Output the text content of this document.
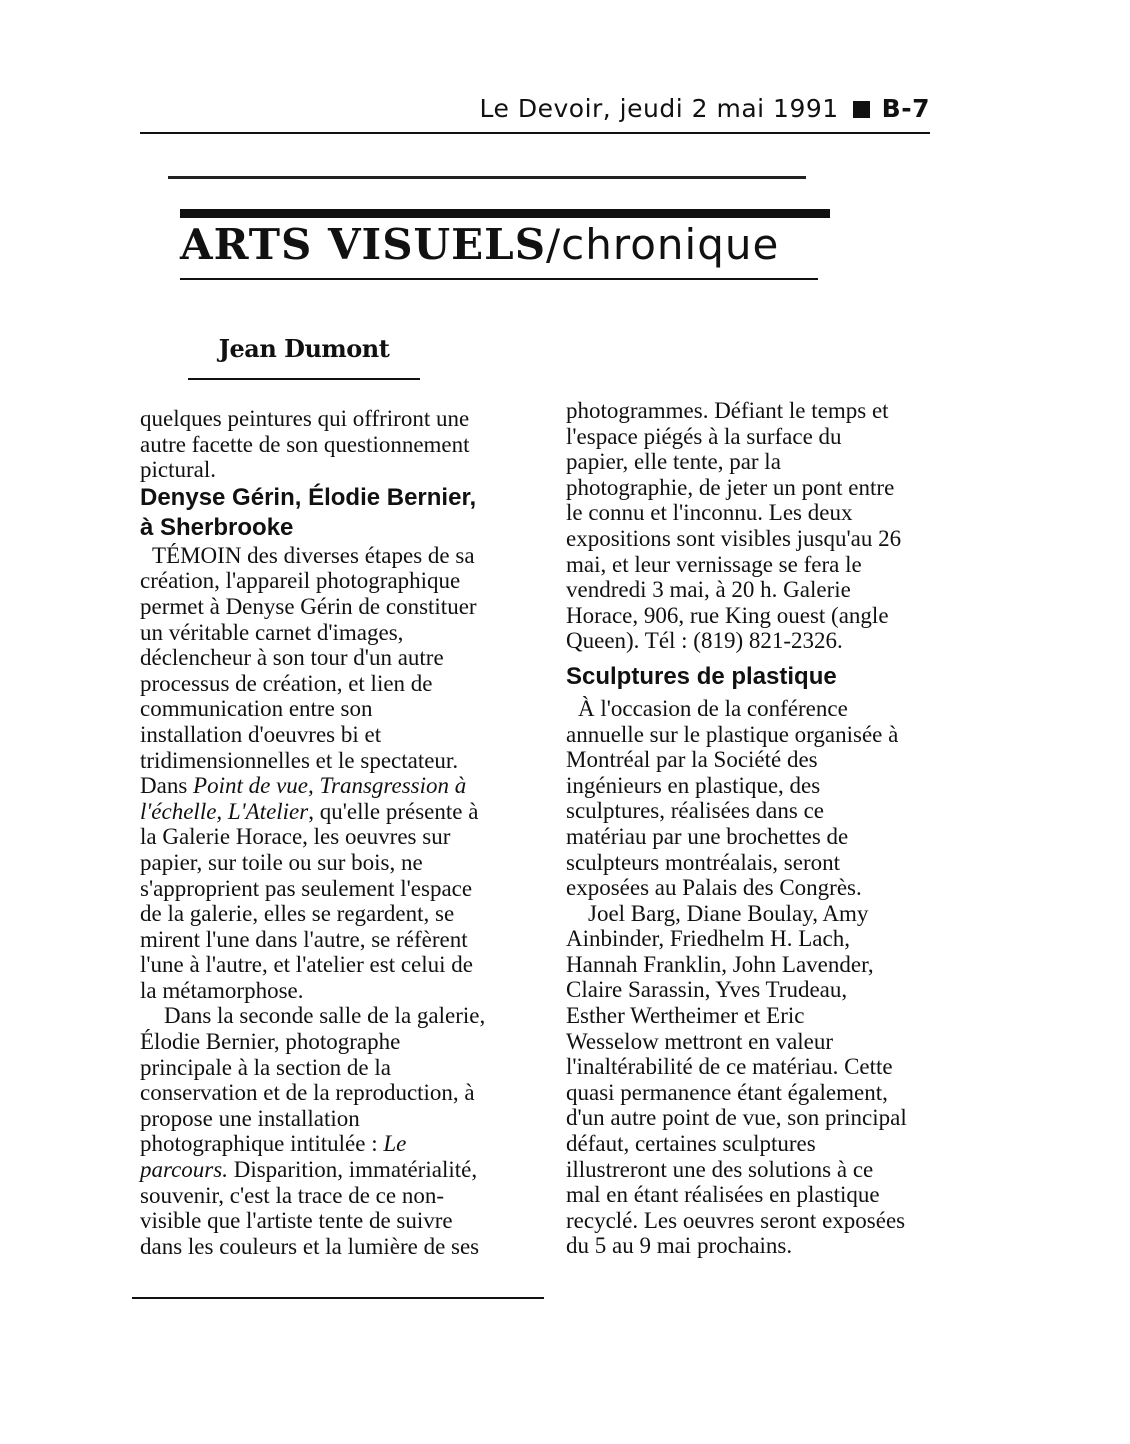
Le Devoir, jeudi 2 mai 1991 B-7
ARTS VISUELS/chronique
Jean Dumont
quelques peintures qui offriront une
autre facette de son questionnement
pictural.
Denyse Gérin, Élodie Bernier,
à Sherbrooke
TÉMOIN des diverses étapes de sa
création, l'appareil photographique
permet à Denyse Gérin de constituer
un véritable carnet d'images,
déclencheur à son tour d'un autre
processus de création, et lien de
communication entre son
installation d'oeuvres bi et
tridimensionnelles et le spectateur.
Dans Point de vue, Transgression à
l'échelle, L'Atelier, qu'elle présente à
la Galerie Horace, les oeuvres sur
papier, sur toile ou sur bois, ne
s'approprient pas seulement l'espace
de la galerie, elles se regardent, se
mirent l'une dans l'autre, se réfèrent
l'une à l'autre, et l'atelier est celui de
la métamorphose.
Dans la seconde salle de la galerie,
Élodie Bernier, photographe
principale à la section de la
conservation et de la reproduction, à
propose une installation
photographique intitulée : Le
parcours. Disparition, immatérialité,
souvenir, c'est la trace de ce non-
visible que l'artiste tente de suivre
dans les couleurs et la lumière de ses
photogrammes. Défiant le temps et
l'espace piégés à la surface du
papier, elle tente, par la
photographie, de jeter un pont entre
le connu et l'inconnu. Les deux
expositions sont visibles jusqu'au 26
mai, et leur vernissage se fera le
vendredi 3 mai, à 20 h. Galerie
Horace, 906, rue King ouest (angle
Queen). Tél : (819) 821-2326.
Sculptures de plastique
À l'occasion de la conférence
annuelle sur le plastique organisée à
Montréal par la Société des
ingénieurs en plastique, des
sculptures, réalisées dans ce
matériau par une brochettes de
sculpteurs montréalais, seront
exposées au Palais des Congrès.
Joel Barg, Diane Boulay, Amy
Ainbinder, Friedhelm H. Lach,
Hannah Franklin, John Lavender,
Claire Sarassin, Yves Trudeau,
Esther Wertheimer et Eric
Wesselow mettront en valeur
l'inaltérabilité de ce matériau. Cette
quasi permanence étant également,
d'un autre point de vue, son principal
défaut, certaines sculptures
illustreront une des solutions à ce
mal en étant réalisées en plastique
recyclé. Les oeuvres seront exposées
du 5 au 9 mai prochains.
